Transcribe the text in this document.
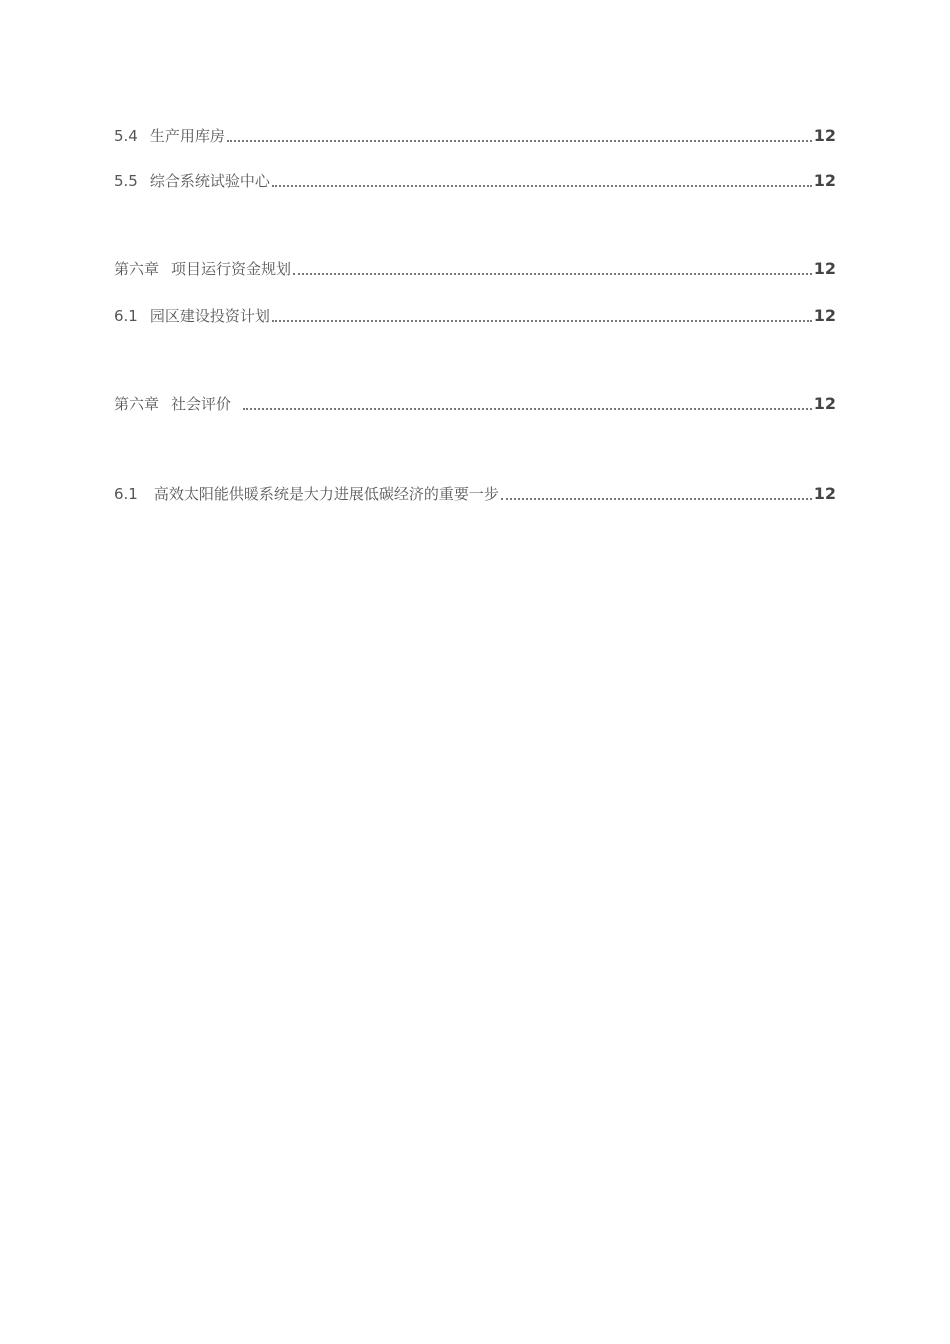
5.4 生产用库房	12
5.5 综合系统试验中心	12
第六章 项目运行资金规划	12
6.1 园区建设投资计划	12
第六章 社会评价	12
6.1 高效太阳能供暖系统是大力进展低碳经济的重要一步	12
